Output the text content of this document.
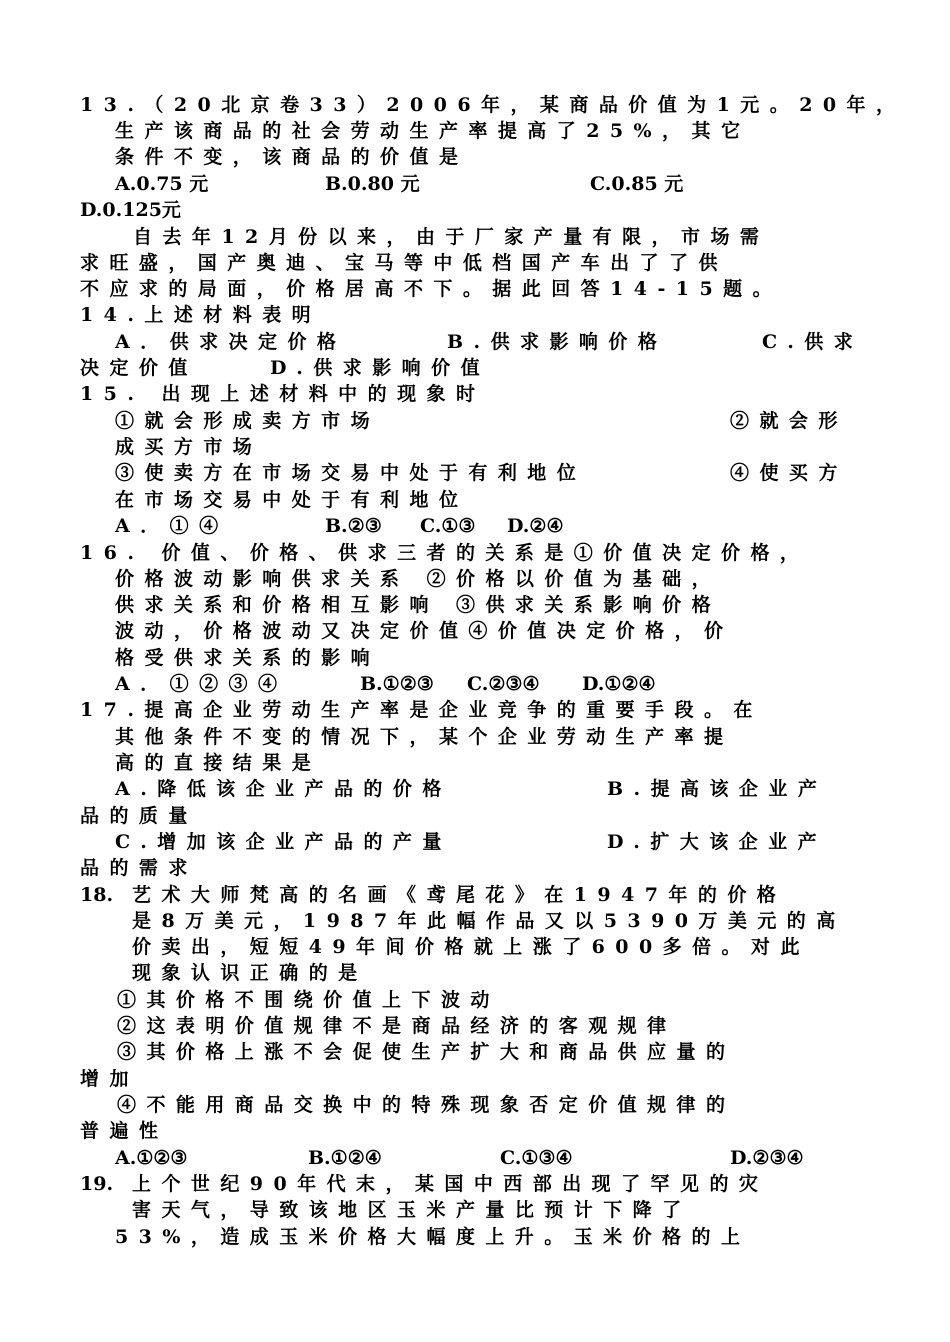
13.（20北京卷33）2006年，某商品价值为1元。20年，
生产该商品的社会劳动生产率提高了25%，其它
条件不变，该商品的价值是
A.0.75 元	B.0.80 元	C.0.85 元
D.0.125元
自去年12月份以来，由于厂家产量有限，市场需
求旺盛，国产奥迪、宝马等中低档国产车出了了供
不应求的局面，价格居高不下。据此回答14-15题。
14.上述材料表明
A．供求决定价格	B.供求影响价格	C.供求
决定价值	D.供求影响价值
15. 出现上述材料中的现象时
①就会形成卖方市场	②就会形
成买方市场
③使卖方在市场交易中处于有利地位	④使买方
在市场交易中处于有利地位
A．①④	B.②③ C.①③ D.②④
16. 价值、价格、供求三者的关系是①价值决定价格，
价格波动影响供求关系 ②价格以价值为基础，
供求关系和价格相互影响 ③供求关系影响价格
波动，价格波动又决定价值④价值决定价格，价
格受供求关系的影响
A．①②③④	B.①②③ C.②③④ D.①②④
17.提高企业劳动生产率是企业竞争的重要手段。在
其他条件不变的情况下，某个企业劳动生产率提
高的直接结果是
A.降低该企业产品的价格	B.提高该企业产
品的质量
C.增加该企业产品的产量	D.扩大该企业产
品的需求
18. 艺术大师梵高的名画《鸢尾花》在1947年的价格
是8万美元，1987年此幅作品又以5390万美元的高
价卖出，短短49年间价格就上涨了600多倍。对此
现象认识正确的是
①其价格不围绕价值上下波动
②这表明价值规律不是商品经济的客观规律
③其价格上涨不会促使生产扩大和商品供应量的
增加
④不能用商品交换中的特殊现象否定价值规律的
普遍性
A.①②③	B.①②④	C.①③④	D.②③④
19. 上个世纪90年代末，某国中西部出现了罕见的灾
害天气，导致该地区玉米产量比预计下降了
53%，造成玉米价格大幅度上升。玉米价格的上
